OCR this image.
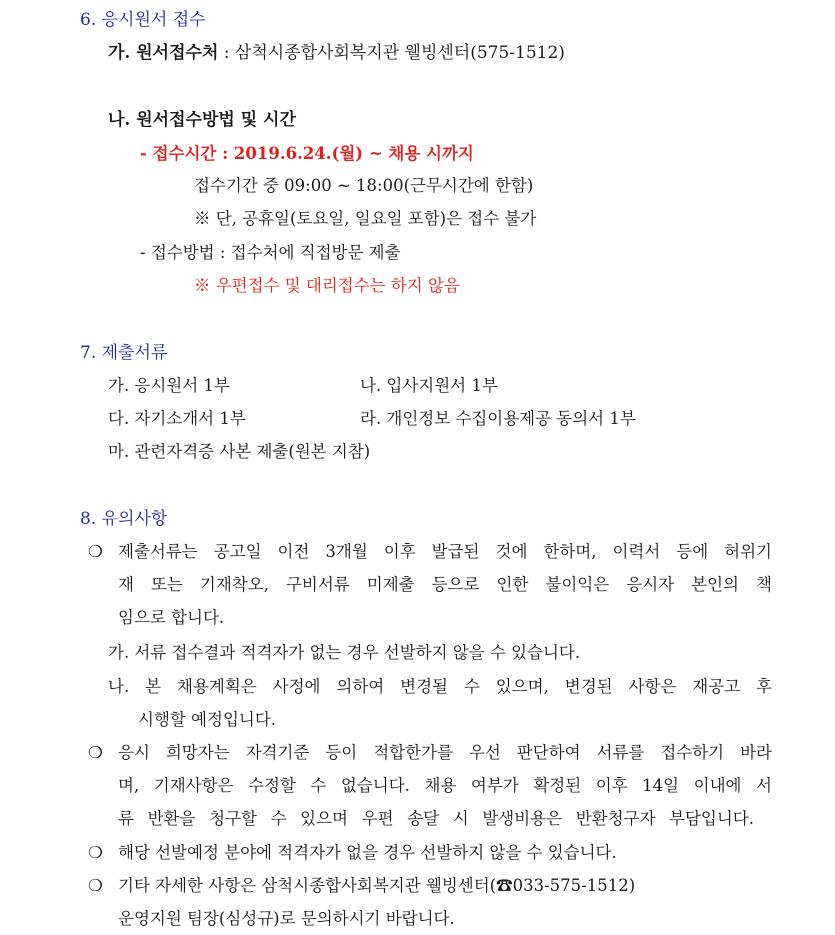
6. 응시원서 접수
가. 원서접수처 : 삼척시종합사회복지관 웰빙센터(575-1512)
나. 원서접수방법 및 시간
- 접수시간 : 2019.6.24.(월) ~ 채용 시까지
접수기간 중 09:00 ~ 18:00(근무시간에 한함)
※ 단, 공휴일(토요일, 일요일 포함)은 접수 불가
- 접수방법 : 접수처에 직접방문 제출
※ 우편접수 및 대리접수는 하지 않음
7. 제출서류
가. 응시원서 1부	나. 입사지원서 1부
다. 자기소개서 1부	라. 개인정보 수집이용제공 동의서 1부
마. 관련자격증 사본 제출(원본 지참)
8. 유의사항
❍ 제출서류는 공고일 이전 3개월 이후 발급된 것에 한하며, 이력서 등에 허위기
재 또는 기재착오, 구비서류 미제출 등으로 인한 불이익은 응시자 본인의 책
임으로 합니다.
가. 서류 접수결과 적격자가 없는 경우 선발하지 않을 수 있습니다.
나. 본 채용계획은 사정에 의하여 변경될 수 있으며, 변경된 사항은 재공고 후
시행할 예정입니다.
❍ 응시 희망자는 자격기준 등이 적합한가를 우선 판단하여 서류를 접수하기 바라
며, 기재사항은 수정할 수 없습니다. 채용 여부가 확정된 이후 14일 이내에 서
류 반환을 청구할 수 있으며 우편 송달 시 발생비용은 반환청구자 부담입니다.
❍ 해당 선발예정 분야에 적격자가 없을 경우 선발하지 않을 수 있습니다.
❍ 기타 자세한 사항은 삼척시종합사회복지관 웰빙센터(☎033-575-1512)
운영지원 팀장(심성규)로 문의하시기 바랍니다.
